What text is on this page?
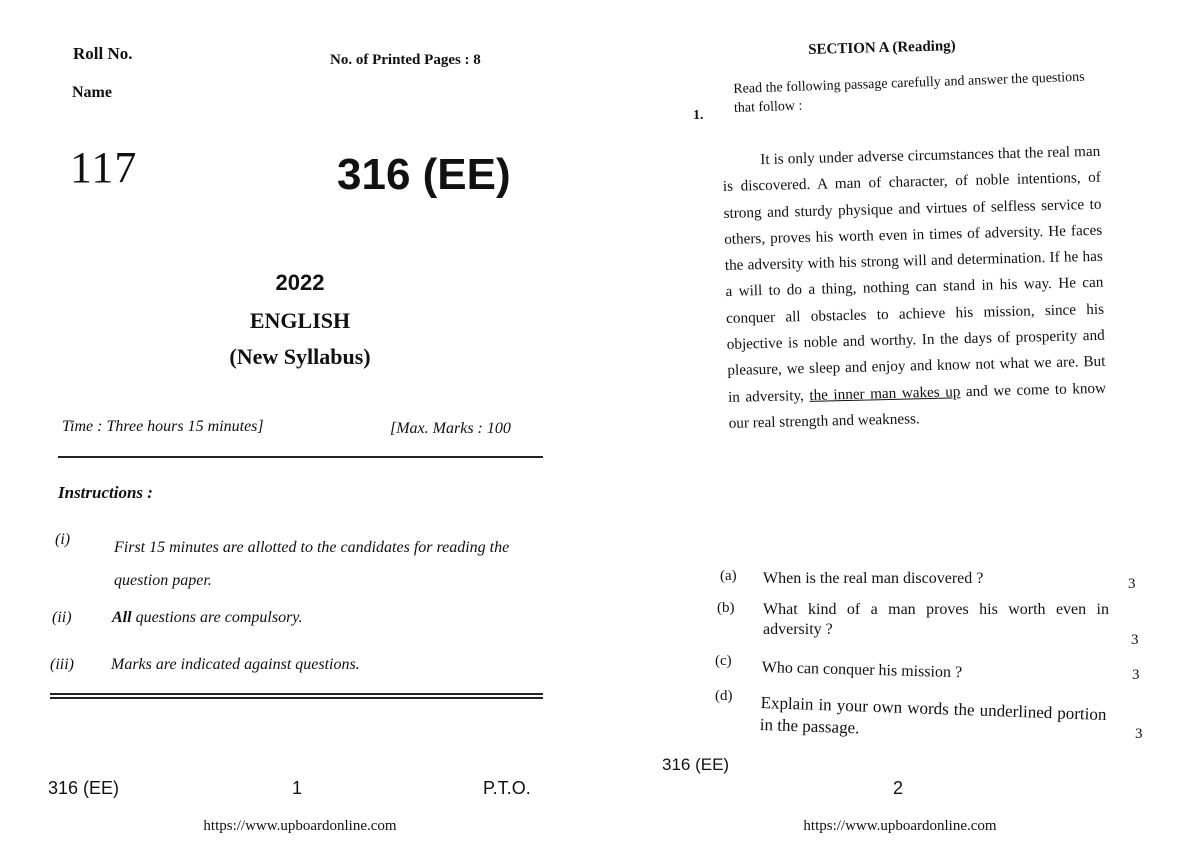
Roll No.	No. of Printed Pages : 8
Name
117	316 (EE)
2022
ENGLISH
(New Syllabus)
Time : Three hours 15 minutes]	[Max. Marks : 100
Instructions :
(i)	First 15 minutes are allotted to the candidates for reading the question paper.
(ii)	All questions are compulsory.
(iii) Marks are indicated against questions.
316 (EE)	1	P.T.O.
https://www.upboardonline.com
SECTION A (Reading)
1.
Read the following passage carefully and answer the questions that follow :
It is only under adverse circumstances that the real man is discovered. A man of character, of noble intentions, of strong and sturdy physique and virtues of selfless service to others, proves his worth even in times of adversity. He faces the adversity with his strong will and determination. If he has a will to do a thing, nothing can stand in his way. He can conquer all obstacles to achieve his mission, since his objective is noble and worthy. In the days of prosperity and pleasure, we sleep and enjoy and know not what we are. But in adversity, the inner man wakes up and we come to know our real strength and weakness.
(a) When is the real man discovered ?	3
(b) What kind of a man proves his worth even in adversity ?
3
(c) Who can conquer his mission ?	3
(d) Explain in your own words the underlined portion in the passage.	3
316 (EE)
2
https://www.upboardonline.com
